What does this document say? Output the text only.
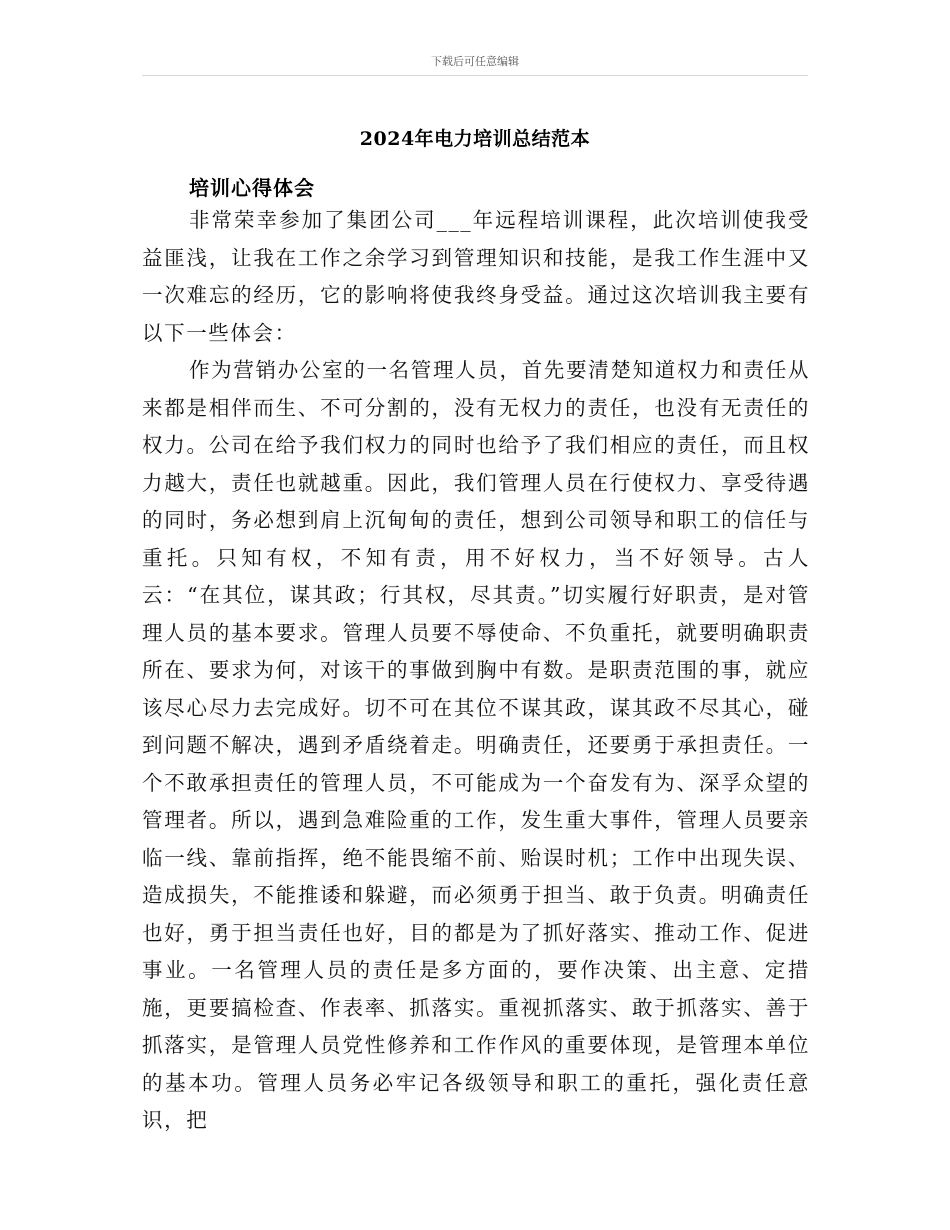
下载后可任意编辑
2024年电力培训总结范本
培训心得体会

非常荣幸参加了集团公司___年远程培训课程，此次培训使我受益匪浅，让我在工作之余学习到管理知识和技能，是我工作生涯中又一次难忘的经历，它的影响将使我终身受益。通过这次培训我主要有以下一些体会：

作为营销办公室的一名管理人员，首先要清楚知道权力和责任从来都是相伴而生、不可分割的，没有无权力的责任，也没有无责任的权力。公司在给予我们权力的同时也给予了我们相应的责任，而且权力越大，责任也就越重。因此，我们管理人员在行使权力、享受待遇的同时，务必想到肩上沉甸甸的责任，想到公司领导和职工的信任与重托。只知有权，不知有责，用不好权力，当不好领导。古人云：“在其位，谋其政；行其权，尽其责。”切实履行好职责，是对管理人员的基本要求。管理人员要不辱使命、不负重托，就要明确职责所在、要求为何，对该干的事做到胸中有数。是职责范围的事，就应该尽心尽力去完成好。切不可在其位不谋其政，谋其政不尽其心，碰到问题不解决，遇到矛盾绕着走。明确责任，还要勇于承担责任。一个不敢承担责任的管理人员，不可能成为一个奋发有为、深孚众望的管理者。所以，遇到急难险重的工作，发生重大事件，管理人员要亲临一线、靠前指挥，绝不能畏缩不前、贻误时机；工作中出现失误、造成损失，不能推诿和躲避，而必须勇于担当、敢于负责。明确责任也好，勇于担当责任也好，目的都是为了抓好落实、推动工作、促进事业。一名管理人员的责任是多方面的，要作决策、出主意、定措施，更要搞检查、作表率、抓落实。重视抓落实、敢于抓落实、善于抓落实，是管理人员党性修养和工作作风的重要体现，是管理本单位的基本功。管理人员务必牢记各级领导和职工的重托，强化责任意识，把
